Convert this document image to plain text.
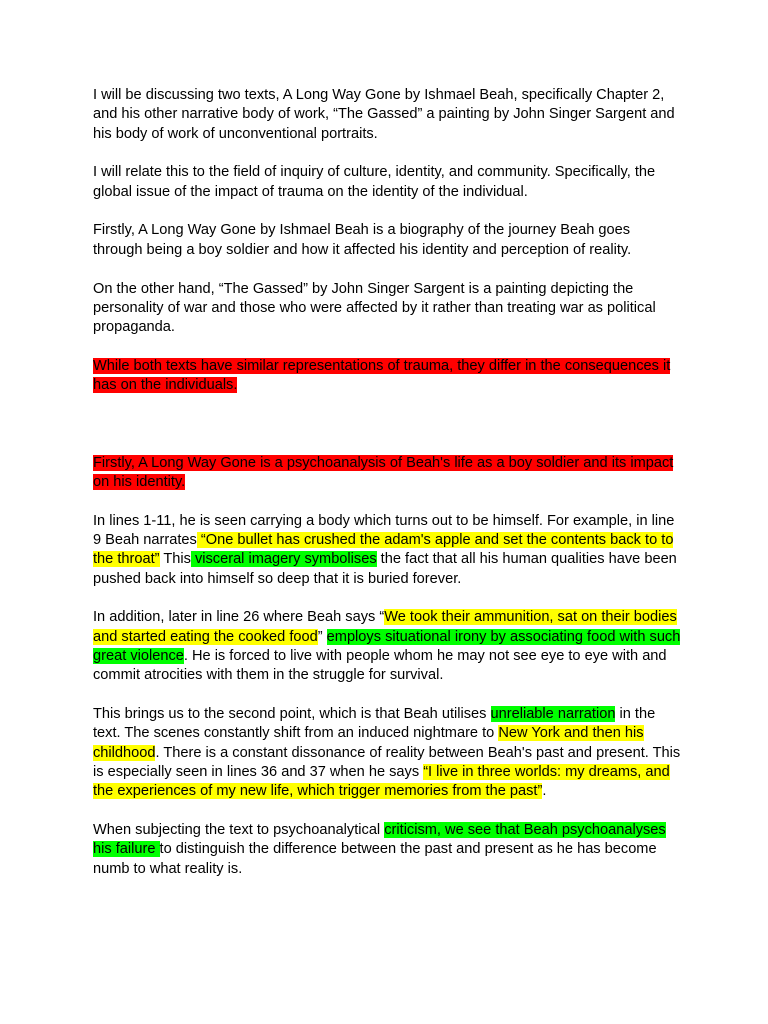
I will be discussing two texts, A Long Way Gone by Ishmael Beah, specifically Chapter 2, and his other narrative body of work, “The Gassed” a painting by John Singer Sargent and his body of work of unconventional portraits.

I will relate this to the field of inquiry of culture, identity, and community. Specifically, the global issue of the impact of trauma on the identity of the individual.

Firstly, A Long Way Gone by Ishmael Beah is a biography of the journey Beah goes through being a boy soldier and how it affected his identity and perception of reality.

On the other hand, “The Gassed” by John Singer Sargent is a painting depicting the personality of war and those who were affected by it rather than treating war as political propaganda.

While both texts have similar representations of trauma, they differ in the consequences it has on the individuals.

Firstly, A Long Way Gone is a psychoanalysis of Beah's life as a boy soldier and its impact on his identity.

In lines 1-11, he is seen carrying a body which turns out to be himself. For example, in line 9 Beah narrates “One bullet has crushed the adam's apple and set the contents back to to the throat” This visceral imagery symbolises the fact that all his human qualities have been pushed back into himself so deep that it is buried forever.

In addition, later in line 26 where Beah says “We took their ammunition, sat on their bodies and started eating the cooked food” employs situational irony by associating food with such great violence. He is forced to live with people whom he may not see eye to eye with and commit atrocities with them in the struggle for survival.

This brings us to the second point, which is that Beah utilises unreliable narration in the text. The scenes constantly shift from an induced nightmare to New York and then his childhood. There is a constant dissonance of reality between Beah's past and present. This is especially seen in lines 36 and 37 when he says “I live in three worlds: my dreams, and the experiences of my new life, which trigger memories from the past”.

When subjecting the text to psychoanalytical criticism, we see that Beah psychoanalyses his failure to distinguish the difference between the past and present as he has become numb to what reality is.
